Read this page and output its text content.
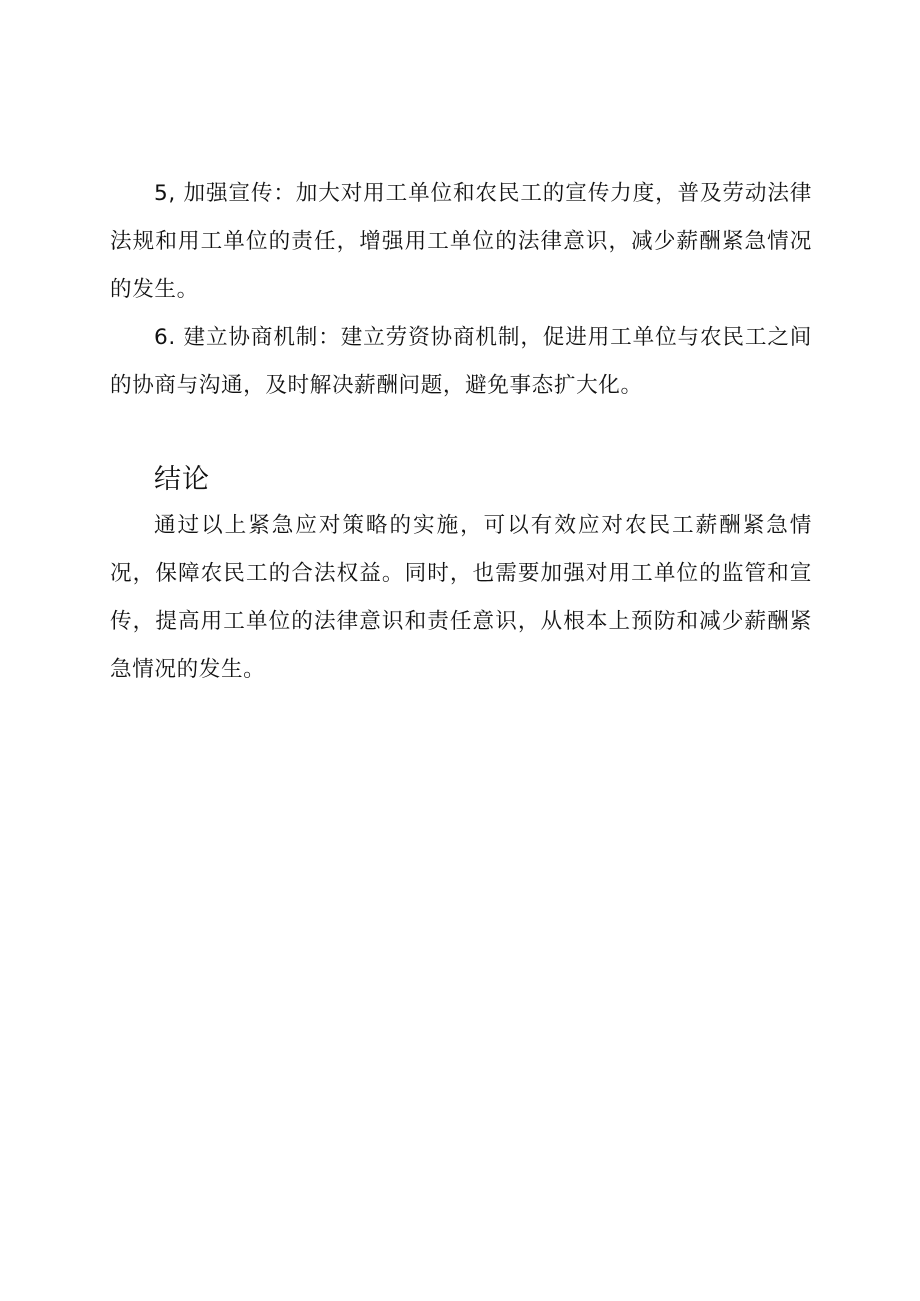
5, 加强宣传：加大对用工单位和农民工的宣传力度，普及劳动法律法规和用工单位的责任，增强用工单位的法律意识，减少薪酬紧急情况的发生。

6. 建立协商机制：建立劳资协商机制，促进用工单位与农民工之间的协商与沟通，及时解决薪酬问题，避免事态扩大化。

结论

通过以上紧急应对策略的实施，可以有效应对农民工薪酬紧急情况，保障农民工的合法权益。同时，也需要加强对用工单位的监管和宣传，提高用工单位的法律意识和责任意识，从根本上预防和减少薪酬紧急情况的发生。
